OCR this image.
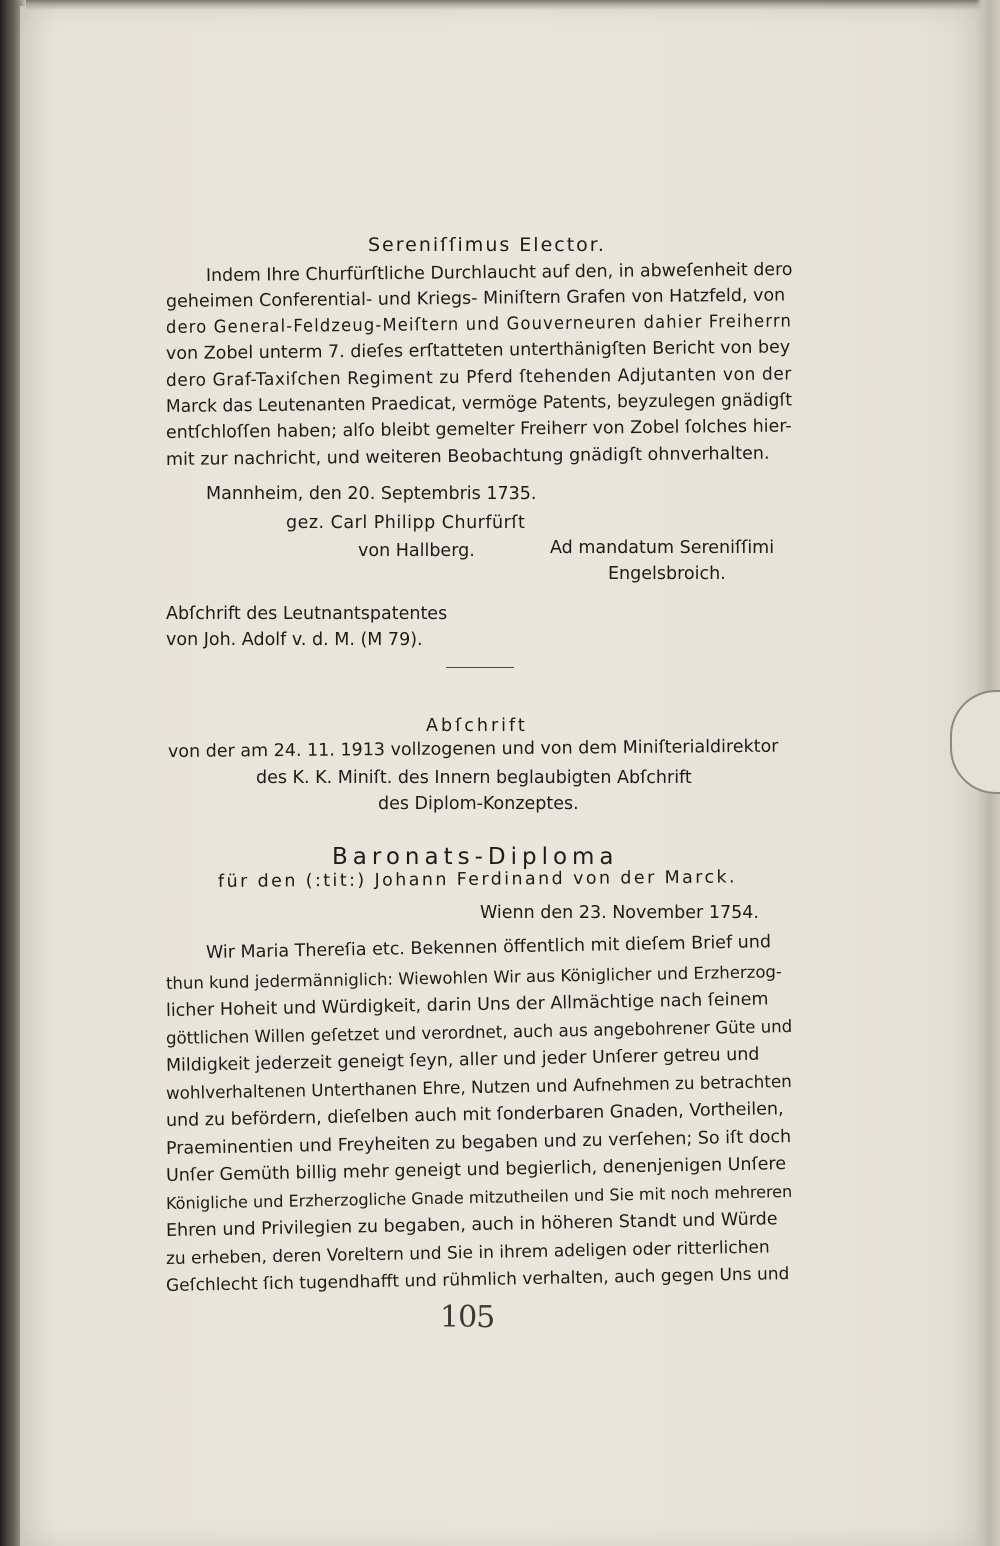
Sereniſſimus Elector.
Indem Ihre Churfürſtliche Durchlaucht auf den, in abweſenheit dero
geheimen Conferential- und Kriegs- Miniſtern Grafen von Hatzfeld, von
dero General-Feldzeug-Meiſtern und Gouverneuren dahier Freiherrn
von Zobel unterm 7. dieſes erſtatteten unterthänigſten Bericht von bey
dero Graf-Taxiſchen Regiment zu Pferd ſtehenden Adjutanten von der
Marck das Leutenanten Praedicat, vermöge Patents, beyzulegen gnädigſt
entſchloſſen haben; alſo bleibt gemelter Freiherr von Zobel ſolches hier-
mit zur nachricht, und weiteren Beobachtung gnädigſt ohnverhalten.
Mannheim, den 20. Septembris 1735.
gez. Carl Philipp Churfürſt
von Hallberg.	Ad mandatum Sereniſſimi
Engelsbroich.
Abſchrift des Leutnantspatentes
von Joh. Adolf v. d. M. (M 79).
Abſchrift
von der am 24. 11. 1913 vollzogenen und von dem Miniſterialdirektor
des K. K. Miniſt. des Innern beglaubigten Abſchrift
des Diplom-Konzeptes.
Baronats-Diploma
für den (:tit:) Johann Ferdinand von der Marck.
Wienn den 23. November 1754.
Wir Maria Thereſia etc. Bekennen öffentlich mit dieſem Brief und
thun kund jedermänniglich: Wiewohlen Wir aus Königlicher und Erzherzog-
licher Hoheit und Würdigkeit, darin Uns der Allmächtige nach ſeinem
göttlichen Willen geſetzet und verordnet, auch aus angebohrener Güte und
Mildigkeit jederzeit geneigt ſeyn, aller und jeder Unſerer getreu und
wohlverhaltenen Unterthanen Ehre, Nutzen und Aufnehmen zu betrachten
und zu befördern, dieſelben auch mit ſonderbaren Gnaden, Vortheilen,
Praeminentien und Freyheiten zu begaben und zu verſehen; So iſt doch
Unſer Gemüth billig mehr geneigt und begierlich, denenjenigen Unſere
Königliche und Erzherzogliche Gnade mitzutheilen und Sie mit noch mehreren
Ehren und Privilegien zu begaben, auch in höheren Standt und Würde
zu erheben, deren Voreltern und Sie in ihrem adeligen oder ritterlichen
Geſchlecht ſich tugendhafft und rühmlich verhalten, auch gegen Uns und
105
